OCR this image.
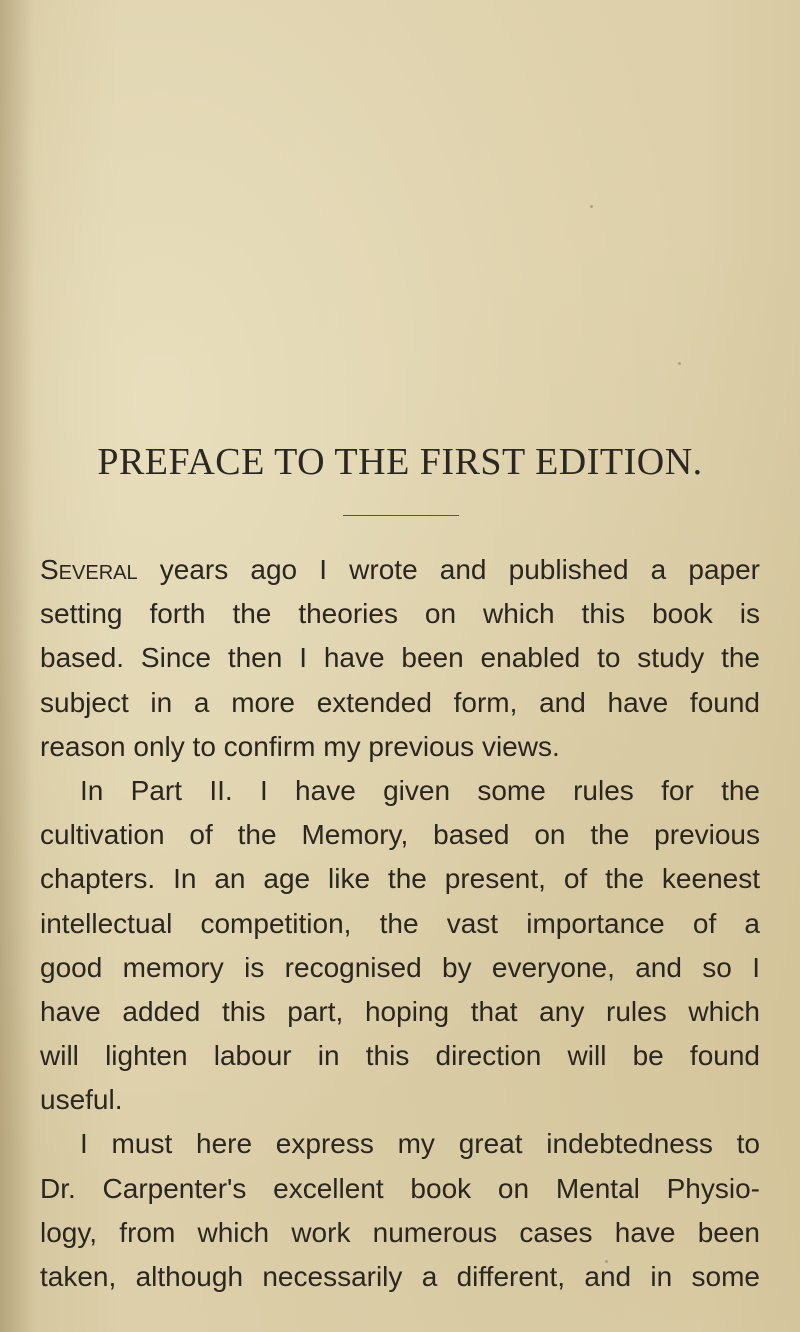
PREFACE TO THE FIRST EDITION.
Several years ago I wrote and published a paper
setting forth the theories on which this book is
based. Since then I have been enabled to study the
subject in a more extended form, and have found
reason only to confirm my previous views.
In Part II. I have given some rules for the
cultivation of the Memory, based on the previous
chapters. In an age like the present, of the keenest
intellectual competition, the vast importance of a
good memory is recognised by everyone, and so I
have added this part, hoping that any rules which
will lighten labour in this direction will be found
useful.
I must here express my great indebtedness to
Dr. Carpenter's excellent book on Mental Physio-
logy, from which work numerous cases have been
taken, although necessarily a different, and in some
